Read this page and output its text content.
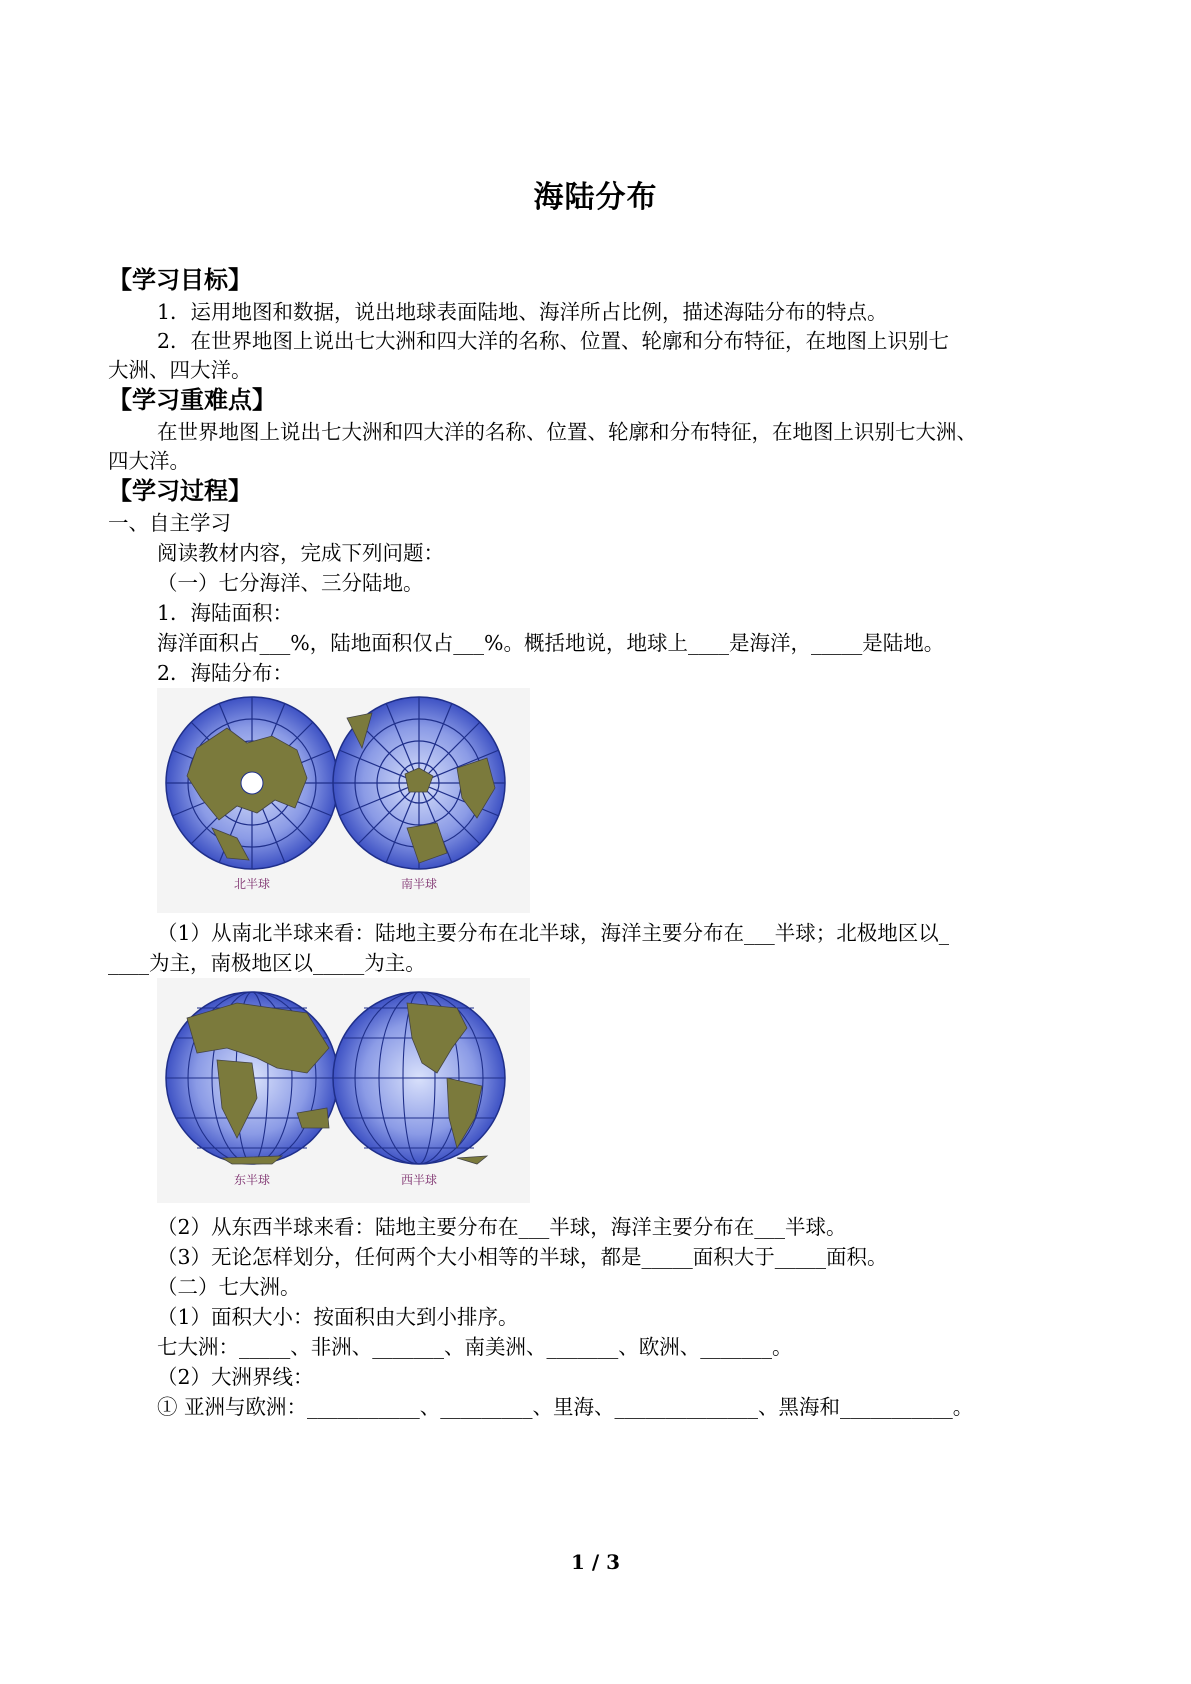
海陆分布
【学习目标】
1．运用地图和数据，说出地球表面陆地、海洋所占比例，描述海陆分布的特点。
2．在世界地图上说出七大洲和四大洋的名称、位置、轮廓和分布特征，在地图上识别七
大洲、四大洋。
【学习重难点】
在世界地图上说出七大洲和四大洋的名称、位置、轮廓和分布特征，在地图上识别七大洲、
四大洋。
【学习过程】
一、自主学习
阅读教材内容，完成下列问题：
（一）七分海洋、三分陆地。
1．海陆面积：
海洋面积占___%，陆地面积仅占___%。概括地说，地球上____是海洋，_____是陆地。
2．海陆分布：
北半球	南半球
（1）从南北半球来看：陆地主要分布在北半球，海洋主要分布在___半球；北极地区以_
____为主，南极地区以_____为主。
东半球	西半球
（2）从东西半球来看：陆地主要分布在___半球，海洋主要分布在___半球。
（3）无论怎样划分，任何两个大小相等的半球，都是_____面积大于_____面积。
（二）七大洲。
（1）面积大小：按面积由大到小排序。
七大洲：_____、非洲、_______、南美洲、_______、欧洲、_______。
（2）大洲界线：
① 亚洲与欧洲：___________、_________、里海、______________、黑海和___________。
1 / 3
